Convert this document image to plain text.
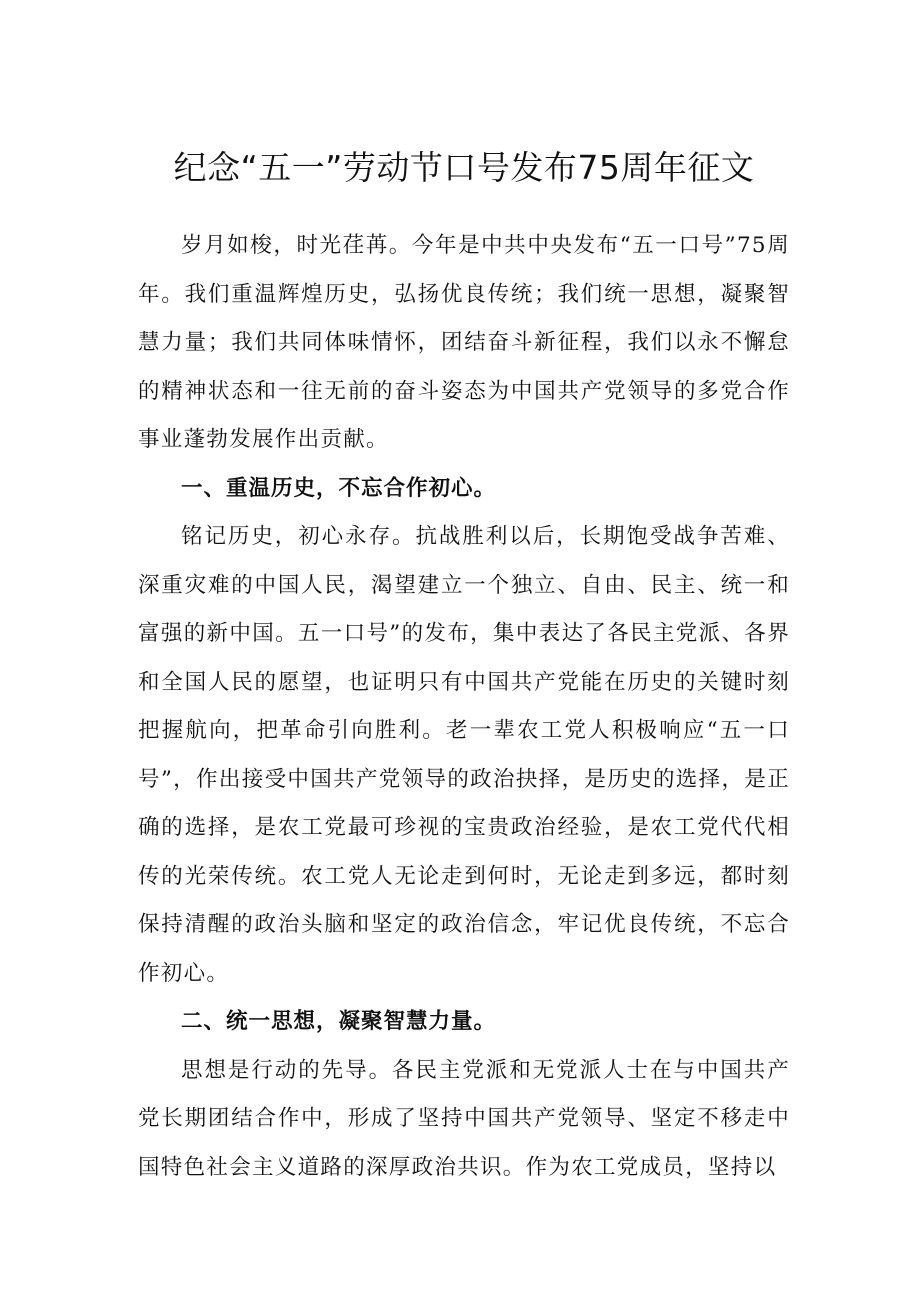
纪念“五一”劳动节口号发布75周年征文

岁月如梭，时光荏苒。今年是中共中央发布“五一口号”75周年。我们重温辉煌历史，弘扬优良传统；我们统一思想，凝聚智慧力量；我们共同体味情怀，团结奋斗新征程，我们以永不懈怠的精神状态和一往无前的奋斗姿态为中国共产党领导的多党合作事业蓬勃发展作出贡献。

一、重温历史，不忘合作初心。

铭记历史，初心永存。抗战胜利以后，长期饱受战争苦难、深重灾难的中国人民，渴望建立一个独立、自由、民主、统一和富强的新中国。五一口号”的发布，集中表达了各民主党派、各界和全国人民的愿望，也证明只有中国共产党能在历史的关键时刻把握航向，把革命引向胜利。老一辈农工党人积极响应“五一口号”，作出接受中国共产党领导的政治抉择，是历史的选择，是正确的选择，是农工党最可珍视的宝贵政治经验，是农工党代代相传的光荣传统。农工党人无论走到何时，无论走到多远，都时刻保持清醒的政治头脑和坚定的政治信念，牢记优良传统，不忘合作初心。

二、统一思想，凝聚智慧力量。

思想是行动的先导。各民主党派和无党派人士在与中国共产党长期团结合作中，形成了坚持中国共产党领导、坚定不移走中国特色社会主义道路的深厚政治共识。作为农工党成员，坚持以
